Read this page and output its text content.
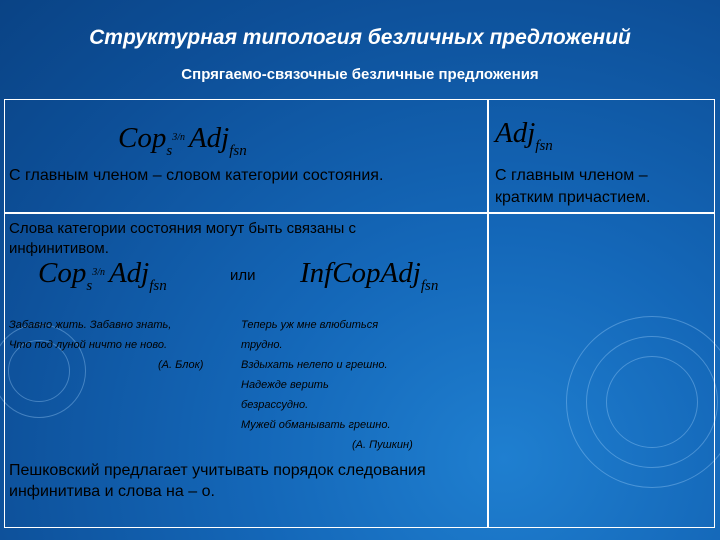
Структурная типология безличных предложений
Спрягаемо-связочные безличные предложения
Cops$^{3/n}$ Adjfsn
С главным членом – словом категории состояния.
Adjfsn
С главным членом –
кратким причастием.
Слова категории состояния могут быть связаны с
инфинитивом.
Cops$^{3/n}$ Adjfsn
или InfCopAdjfsn
Забавно жить. Забавно знать,
Что под луной ничто не ново.
(А. Блок)
Теперь уж мне влюбиться
трудно.
Вздыхать нелепо и грешно.
Надежде верить
безрассудно.
Мужей обманывать грешно.
(А. Пушкин)
Пешковский предлагает учитывать порядок следования
инфинитива и слова на – о.
